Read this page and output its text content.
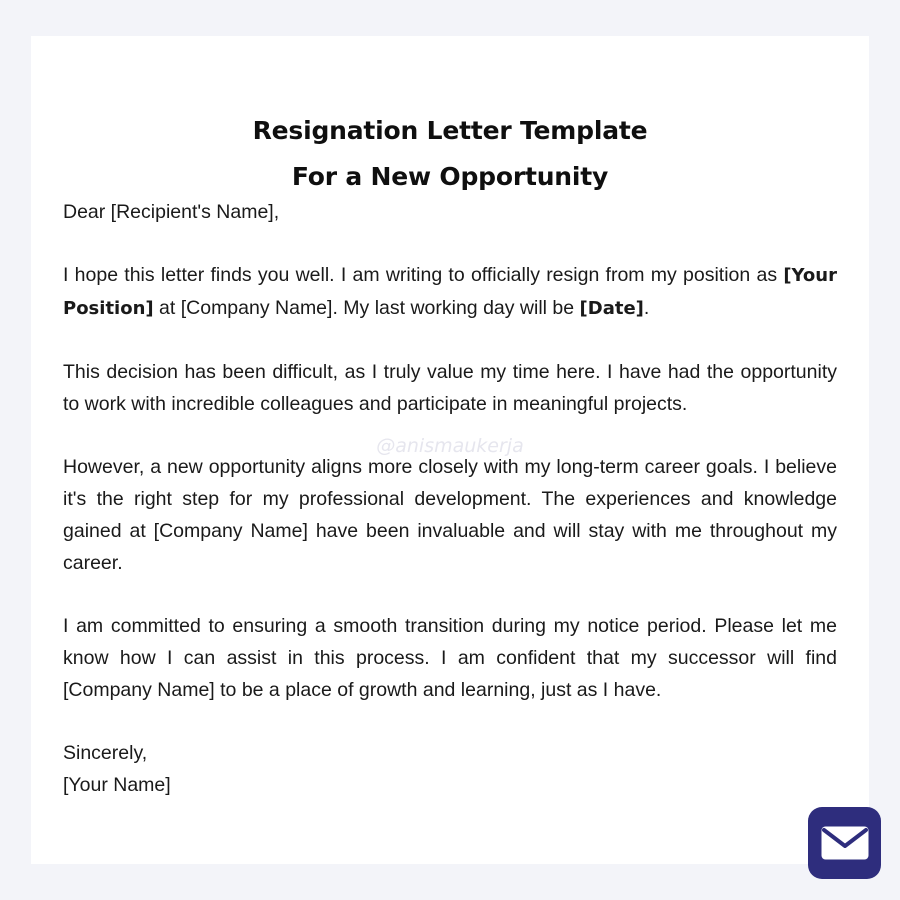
Resignation Letter Template
For a New Opportunity

Dear [Recipient's Name],

I hope this letter finds you well. I am writing to officially resign from my position as [Your Position] at [Company Name]. My last working day will be [Date].

This decision has been difficult, as I truly value my time here. I have had the opportunity to work with incredible colleagues and participate in meaningful projects.

However, a new opportunity aligns more closely with my long-term career goals. I believe it's the right step for my professional development. The experiences and knowledge gained at [Company Name] have been invaluable and will stay with me throughout my career.

I am committed to ensuring a smooth transition during my notice period. Please let me know how I can assist in this process. I am confident that my successor will find [Company Name] to be a place of growth and learning, just as I have.

Sincerely,
[Your Name]

@anismaukerja
